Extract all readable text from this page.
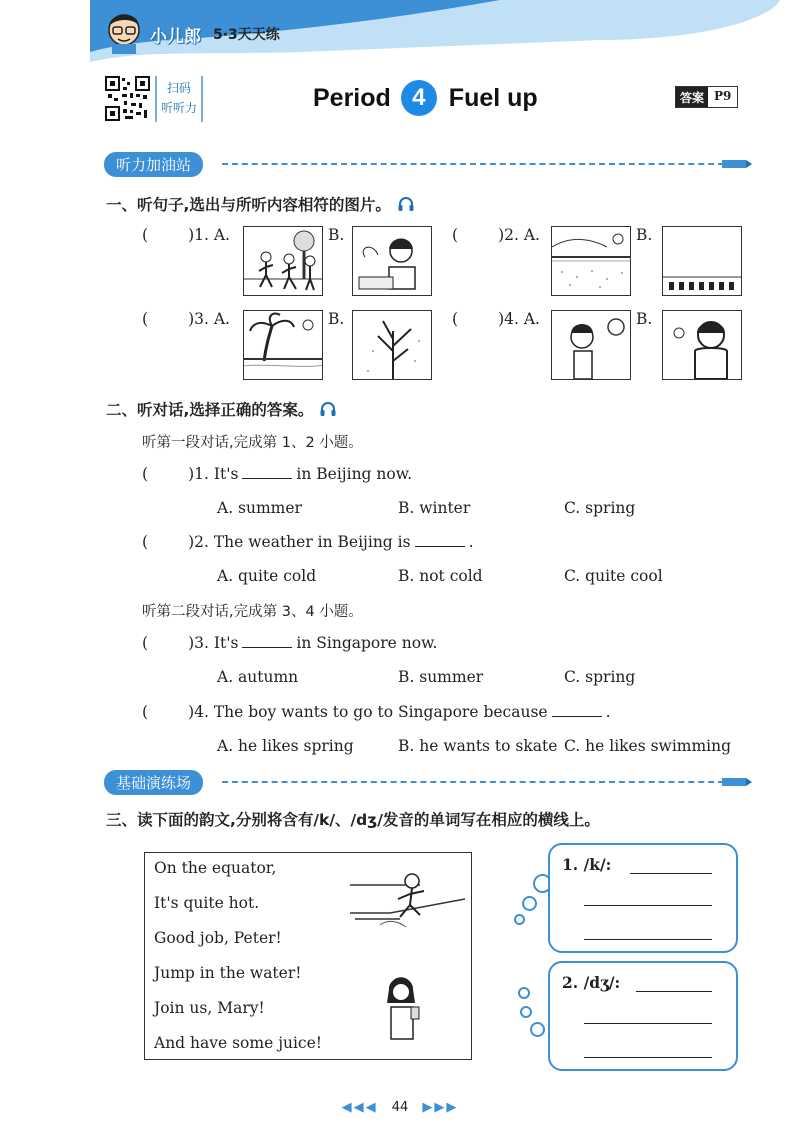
小儿郎 5·3天天练
扫码
听听力	Period 4 Fuel up	答案 P9
听力加油站
一、听句子,选出与所听内容相符的图片。
(	)1. A.	B.	(	)2. A.	B.
(	)3. A.	B.	(	)4. A.	B.
二、听对话,选择正确的答案。
听第一段对话,完成第 1、2 小题。
(	)1. It's	in Beijing now.
A. summer	B. winter	C. spring
(	)2. The weather in Beijing is	.
A. quite cold	B. not cold	C. quite cool
听第二段对话,完成第 3、4 小题。
(	)3. It's	in Singapore now.
A. autumn	B. summer	C. spring
(	)4. The boy wants to go to Singapore because	.
A. he likes spring	B. he wants to skate C. he likes swimming
基础演练场
三、读下面的韵文,分别将含有/k/、/dʒ/发音的单词写在相应的横线上。
On the equator,
It's quite hot.
Good job, Peter!
Jump in the water!
Join us, Mary!
And have some juice!
1. /k/:
2. /dʒ/:
◀◀◀ 44 ▶▶▶
